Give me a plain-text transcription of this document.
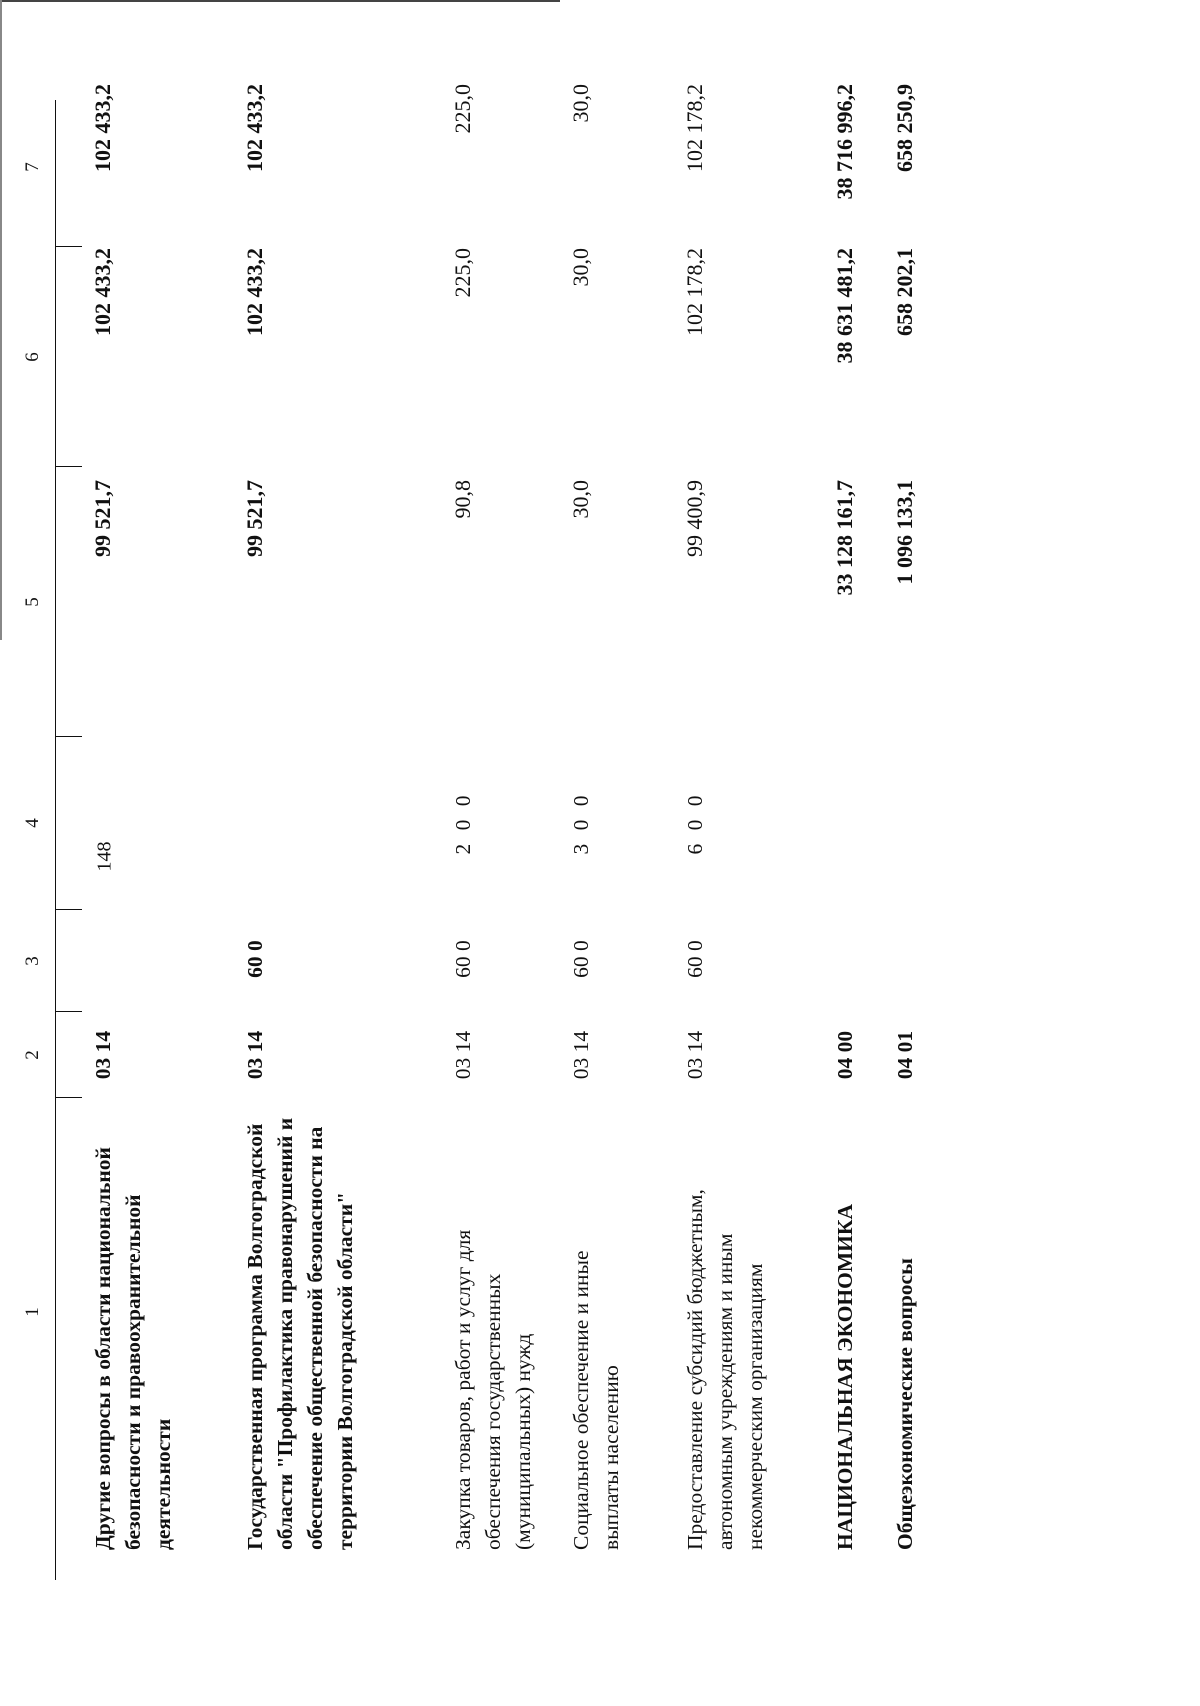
148
1
2
3
4
5
6
7
Другие вопросы в области национальной безопасности и правоохранительной деятельности
03 14
99 521,7
102 433,2
102 433,2
Государственная программа Волгоградской области "Профилактика правонарушений и обеспечение общественной безопасности на территории Волгоградской области"
03 14
60 0
99 521,7
102 433,2
102 433,2
Закупка товаров, работ и услуг для обеспечения государственных (муниципальных) нужд
03 14
60 0
2 0 0
90,8
225,0
225,0
Социальное обеспечение и иные выплаты населению
03 14
60 0
3 0 0
30,0
30,0
30,0
Предоставление субсидий бюджетным, автономным учреждениям и иным некоммерческим организациям
03 14
60 0
6 0 0
99 400,9
102 178,2
102 178,2
НАЦИОНАЛЬНАЯ ЭКОНОМИКА
04 00
33 128 161,7
38 631 481,2
38 716 996,2
Общеэкономические вопросы
04 01
1 096 133,1
658 202,1
658 250,9
